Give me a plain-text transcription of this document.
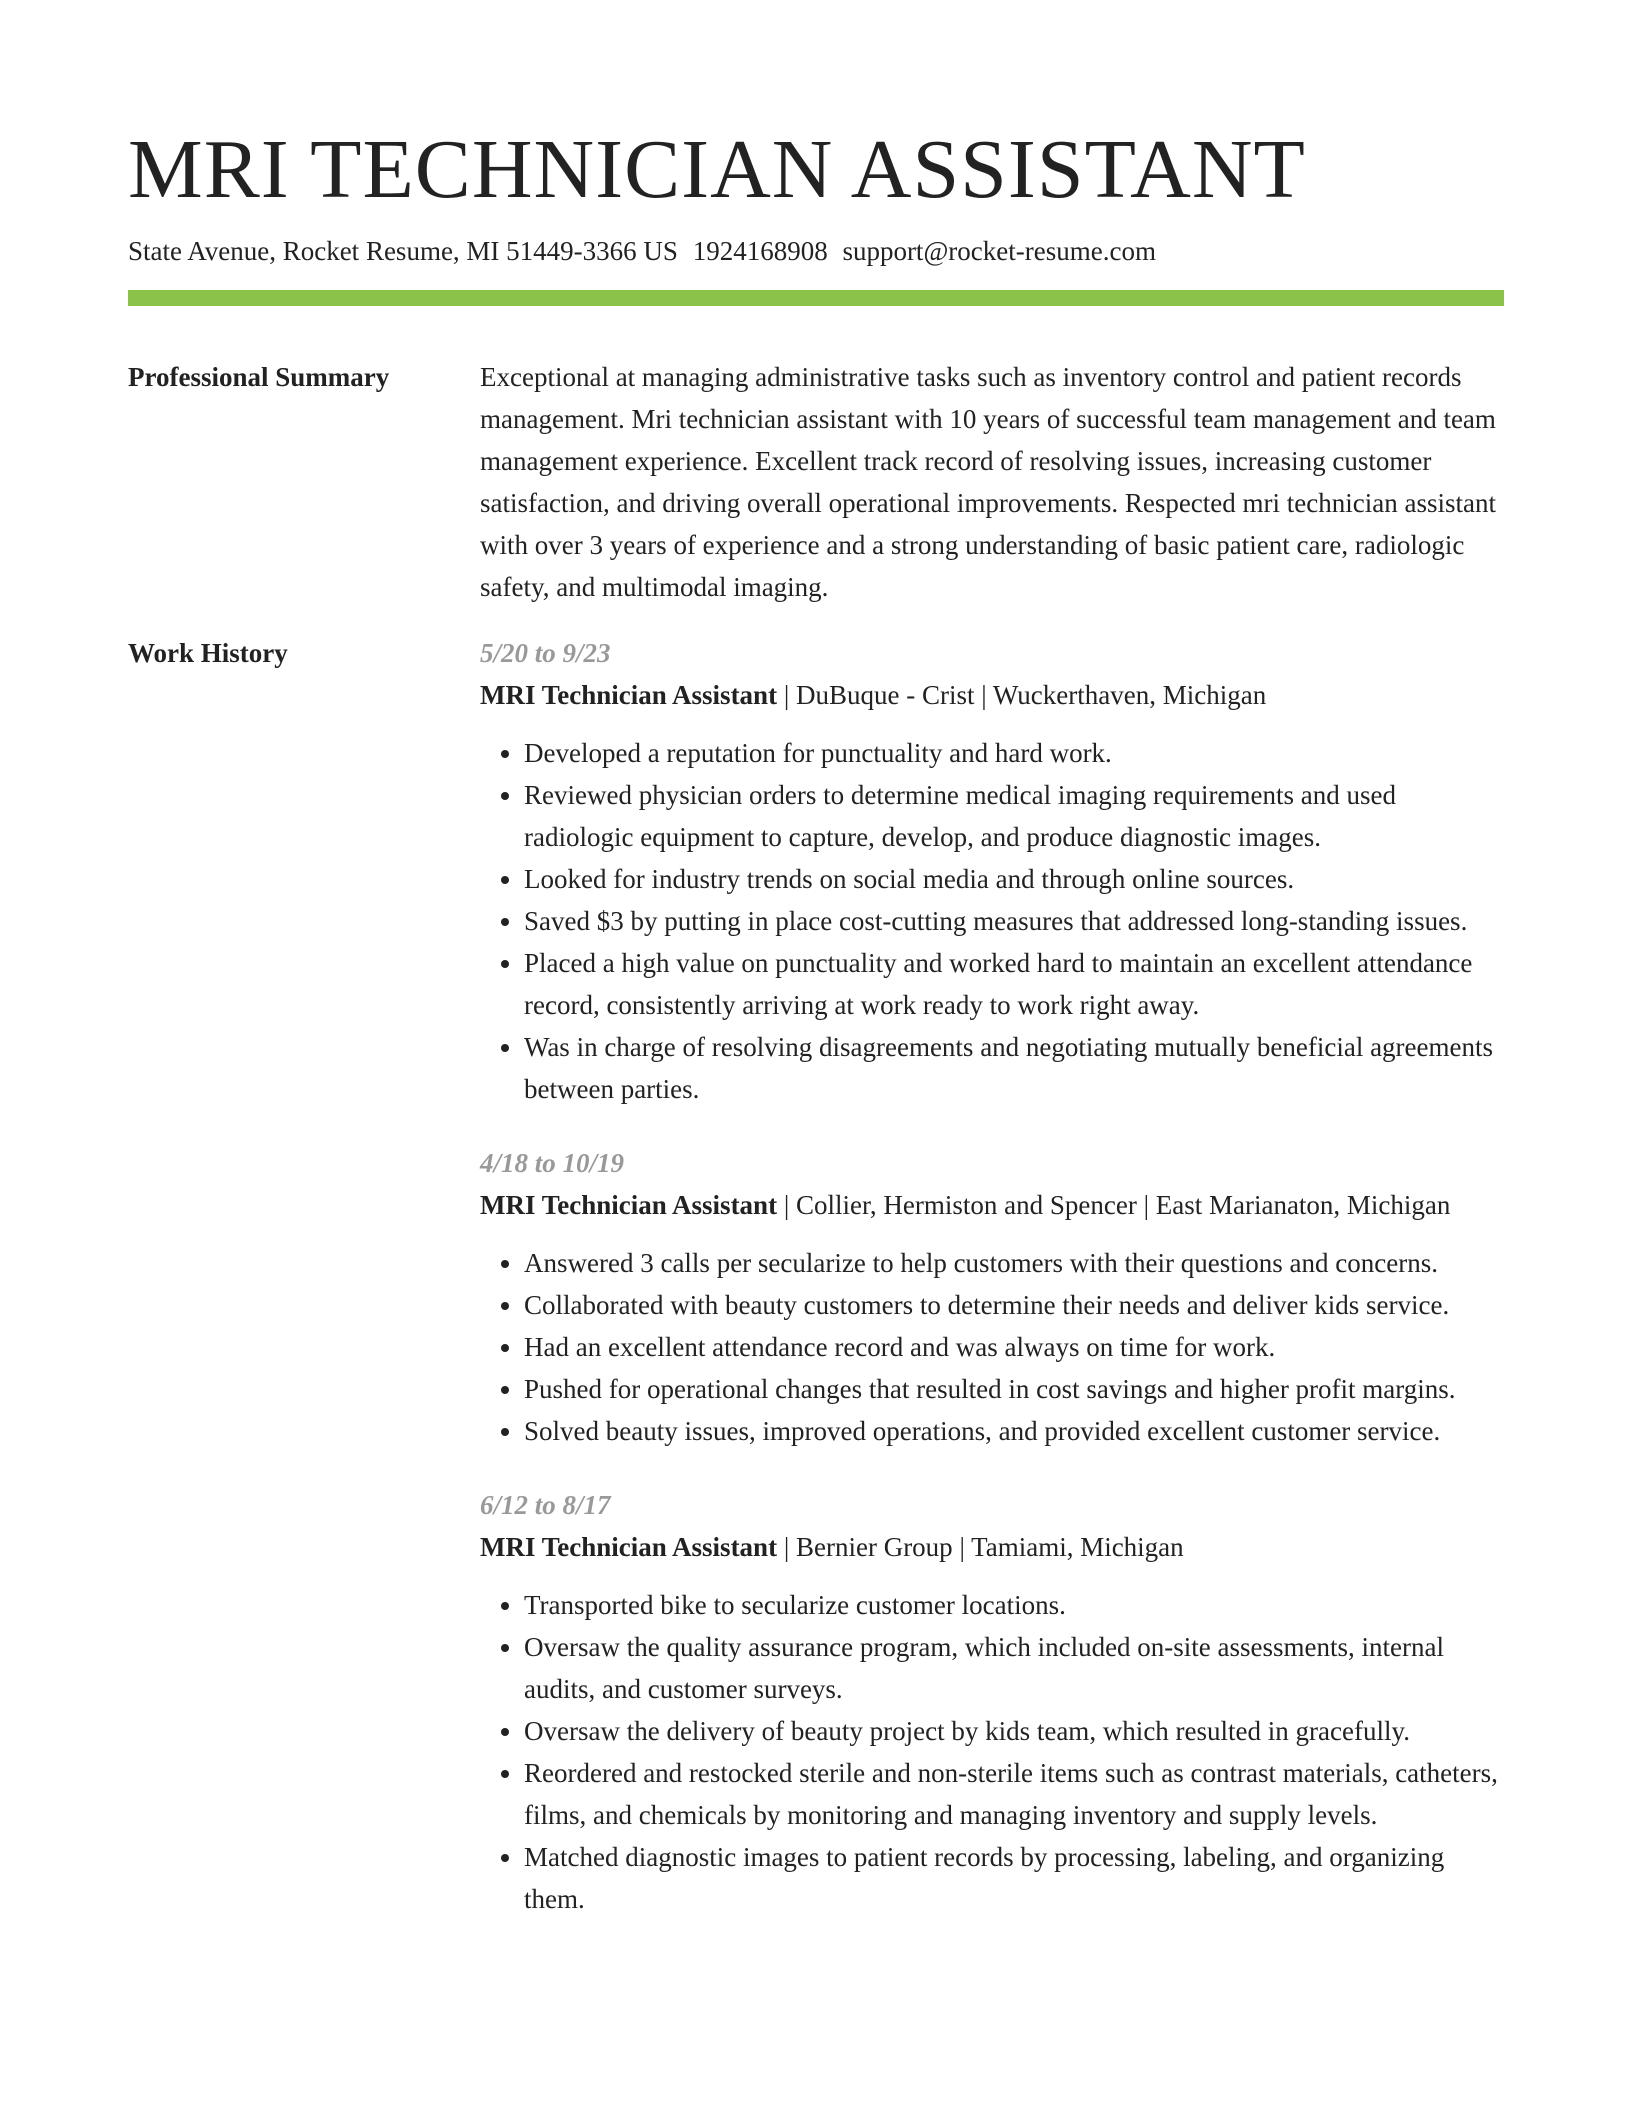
MRI TECHNICIAN ASSISTANT
State Avenue, Rocket Resume, MI 51449-3366 US 1924168908 support@rocket-resume.com
Professional Summary	Exceptional at managing administrative tasks such as inventory control and patient records management. Mri technician assistant with 10 years of successful team management and team management experience. Excellent track record of resolving issues, increasing customer satisfaction, and driving overall operational improvements. Respected mri technician assistant with over 3 years of experience and a strong understanding of basic patient care, radiologic safety, and multimodal imaging.

Work History	5/20 to 9/23
MRI Technician Assistant | DuBuque - Crist | Wuckerthaven, Michigan
• Developed a reputation for punctuality and hard work.
• Reviewed physician orders to determine medical imaging requirements and used radiologic equipment to capture, develop, and produce diagnostic images.
• Looked for industry trends on social media and through online sources.
• Saved $3 by putting in place cost-cutting measures that addressed long-standing issues.
• Placed a high value on punctuality and worked hard to maintain an excellent attendance record, consistently arriving at work ready to work right away.
• Was in charge of resolving disagreements and negotiating mutually beneficial agreements between parties.
4/18 to 10/19
MRI Technician Assistant | Collier, Hermiston and Spencer | East Marianaton, Michigan
• Answered 3 calls per secularize to help customers with their questions and concerns.
• Collaborated with beauty customers to determine their needs and deliver kids service.
• Had an excellent attendance record and was always on time for work.
• Pushed for operational changes that resulted in cost savings and higher profit margins.
• Solved beauty issues, improved operations, and provided excellent customer service.
6/12 to 8/17
MRI Technician Assistant | Bernier Group | Tamiami, Michigan
• Transported bike to secularize customer locations.
• Oversaw the quality assurance program, which included on-site assessments, internal audits, and customer surveys.
• Oversaw the delivery of beauty project by kids team, which resulted in gracefully.
• Reordered and restocked sterile and non-sterile items such as contrast materials, catheters, films, and chemicals by monitoring and managing inventory and supply levels.
• Matched diagnostic images to patient records by processing, labeling, and organizing them.
